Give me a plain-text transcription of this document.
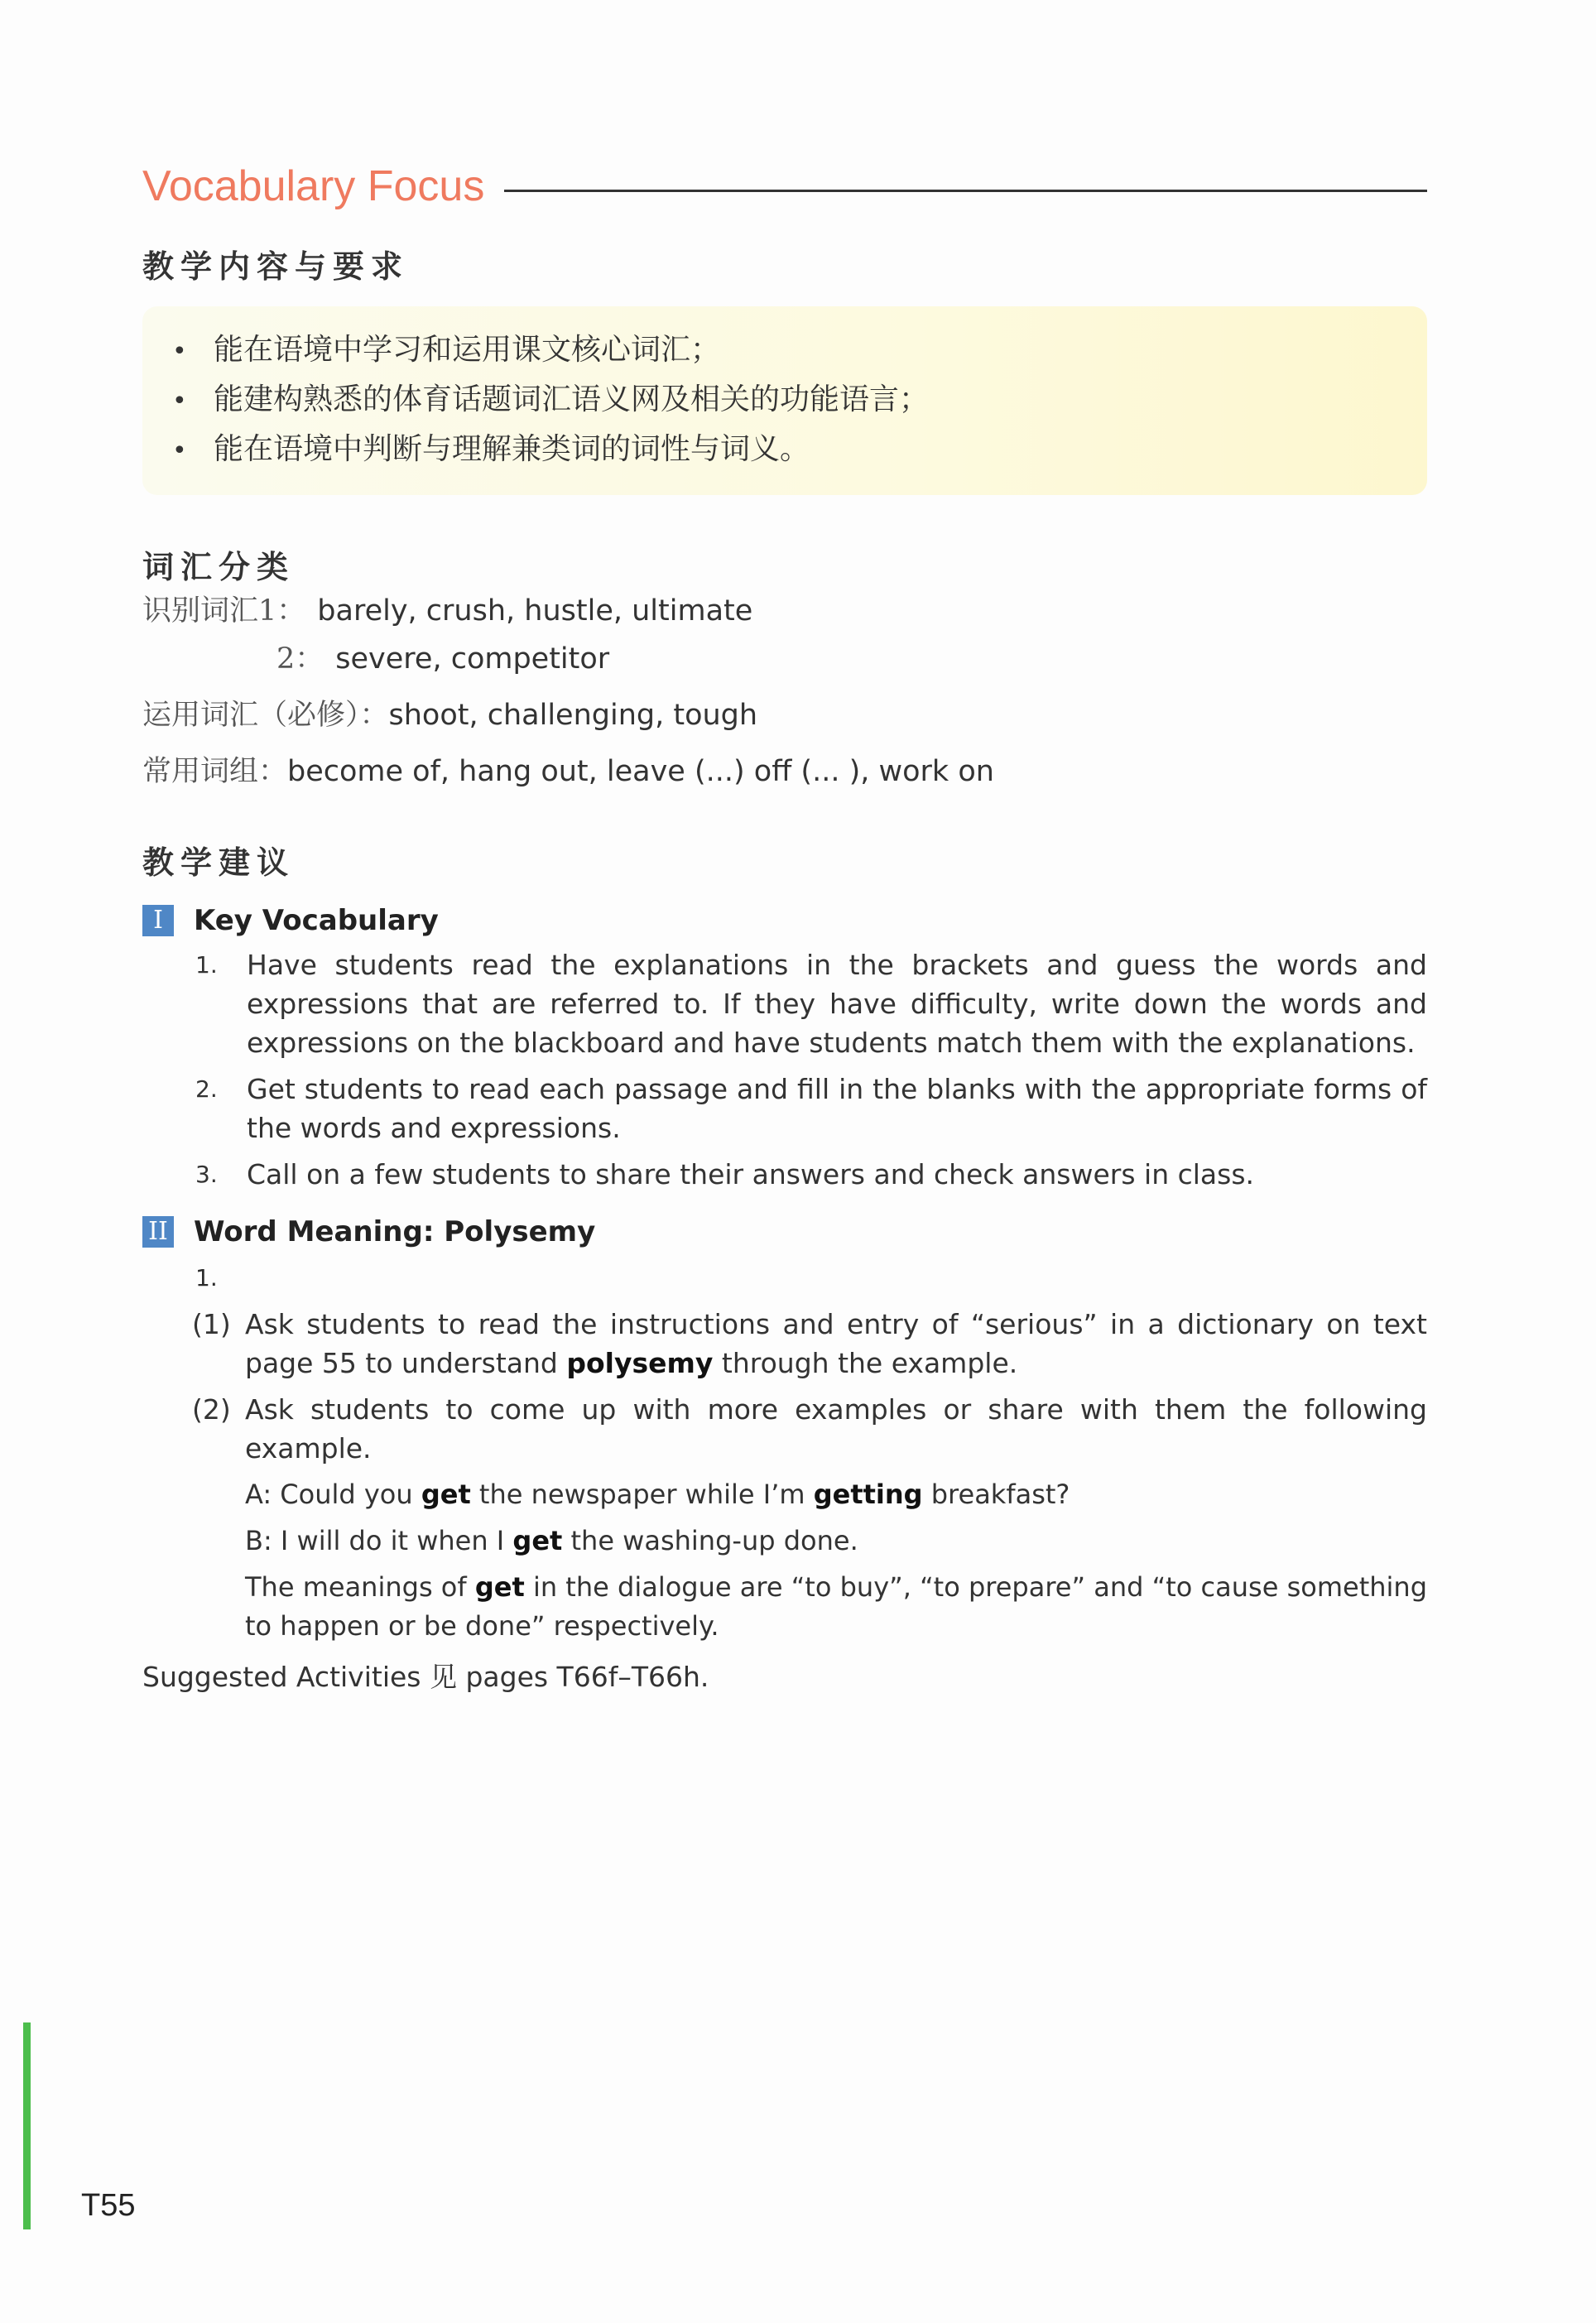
Vocabulary Focus
教学内容与要求
• 能在语境中学习和运用课文核心词汇；
• 能建构熟悉的体育话题词汇语义网及相关的功能语言；
• 能在语境中判断与理解兼类词的词性与词义。
词汇分类
识别词汇 1： barely, crush, hustle, ultimate
2： severe, competitor
运用词汇（必修）： shoot, challenging, tough
常用词组： become of, hang out, leave (...) off (... ), work on
教学建议
I	Key Vocabulary
1.	Have students read the explanations in the brackets and guess the words and expressions that are referred to. If they have difficulty, write down the words and expressions on the blackboard and have students match them with the explanations.
2.	Get students to read each passage and fill in the blanks with the appropriate forms of the words and expressions.
3.	Call on a few students to share their answers and check answers in class.
II Word Meaning: Polysemy
1.
(1) Ask students to read the instructions and entry of “serious” in a dictionary on text page 55 to understand polysemy through the example.
(2) Ask students to come up with more examples or share with them the following example.
A: Could you get the newspaper while I’m getting breakfast?
B: I will do it when I get the washing-up done.
The meanings of get in the dialogue are “to buy”, “to prepare” and “to cause something to happen or be done” respectively.
Suggested Activities 见 pages T66f–T66h.
T55
